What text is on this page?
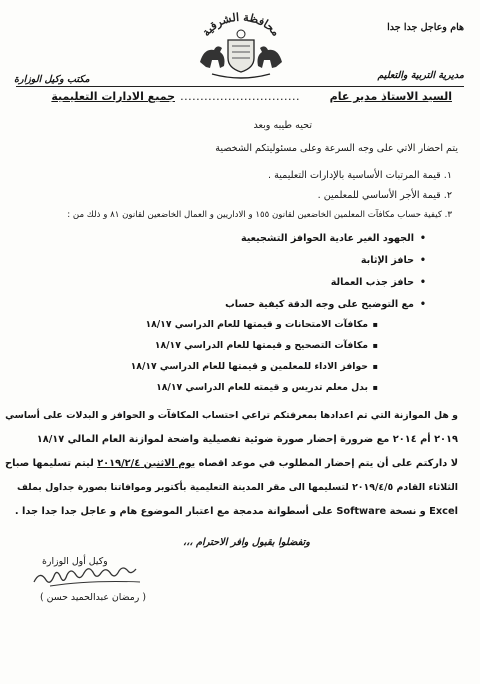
هام وعاجل جدا جدا
مكتب وكيل الوزارة
محافظة الشرقية
مديرية التربية والتعليم
السيد الاستاذ مدير عام
..............................
جميع الادارات التعليمية
تحيه طيبه وبعد
يتم احضار الاتي على وجه السرعة وعلى مسئوليتكم الشخصية
١. قيمة المرتبات الأساسية بالإدارات التعليمية .
٢. قيمة الأجر الأساسي للمعلمين .
٣. كيفية حساب مكافآت المعلمين الخاضعين لقانون ١٥٥ و الاداريين و العمال الخاضعين لقانون ٨١ و ذلك من :
• الجهود الغير عادية الحوافز التشجيعية
• حافز الإثابة
• حافز جذب العمالة
• مع التوضيح على وجه الدقة كيفية حساب
▪ مكافآت الامتحانات و قيمتها للعام الدراسي ١٨/١٧
▪ مكافآت التصحيح و قيمتها للعام الدراسي ١٨/١٧
▪ حوافز الاداء للمعلمين و قيمتها للعام الدراسي ١٨/١٧
▪ بدل معلم تدريس و قيمته للعام الدراسي ١٨/١٧
و هل الموازنة التي تم اعدادها بمعرفتكم تراعي احتساب المكافآت و الحوافز و البدلات على أساسي
٢٠١٩ أم ٢٠١٤ مع ضرورة إحضار صورة ضوئية تفصيلية واضحة لموازنة العام المالي ١٨/١٧
لا داركتم على أن يتم إحضار المطلوب في موعد اقصاه يوم الاثنين ٢٠١٩/٢/٤ ليتم تسليمها صباح
الثلاثاء القادم ٢٠١٩/٤/٥ لتسليمها الى مقر المدينة التعليمية بأكتوبر وموافاتنا بصورة جداول بملف
Excel و نسخة Software على أسطوانة مدمجة مع اعتبار الموضوع هام و عاجل جدا جدا جدا .
وتفضلوا بقبول وافر الاحترام ،،،
وكيل أول الوزارة
( رمضان عبدالحميد حسن )
